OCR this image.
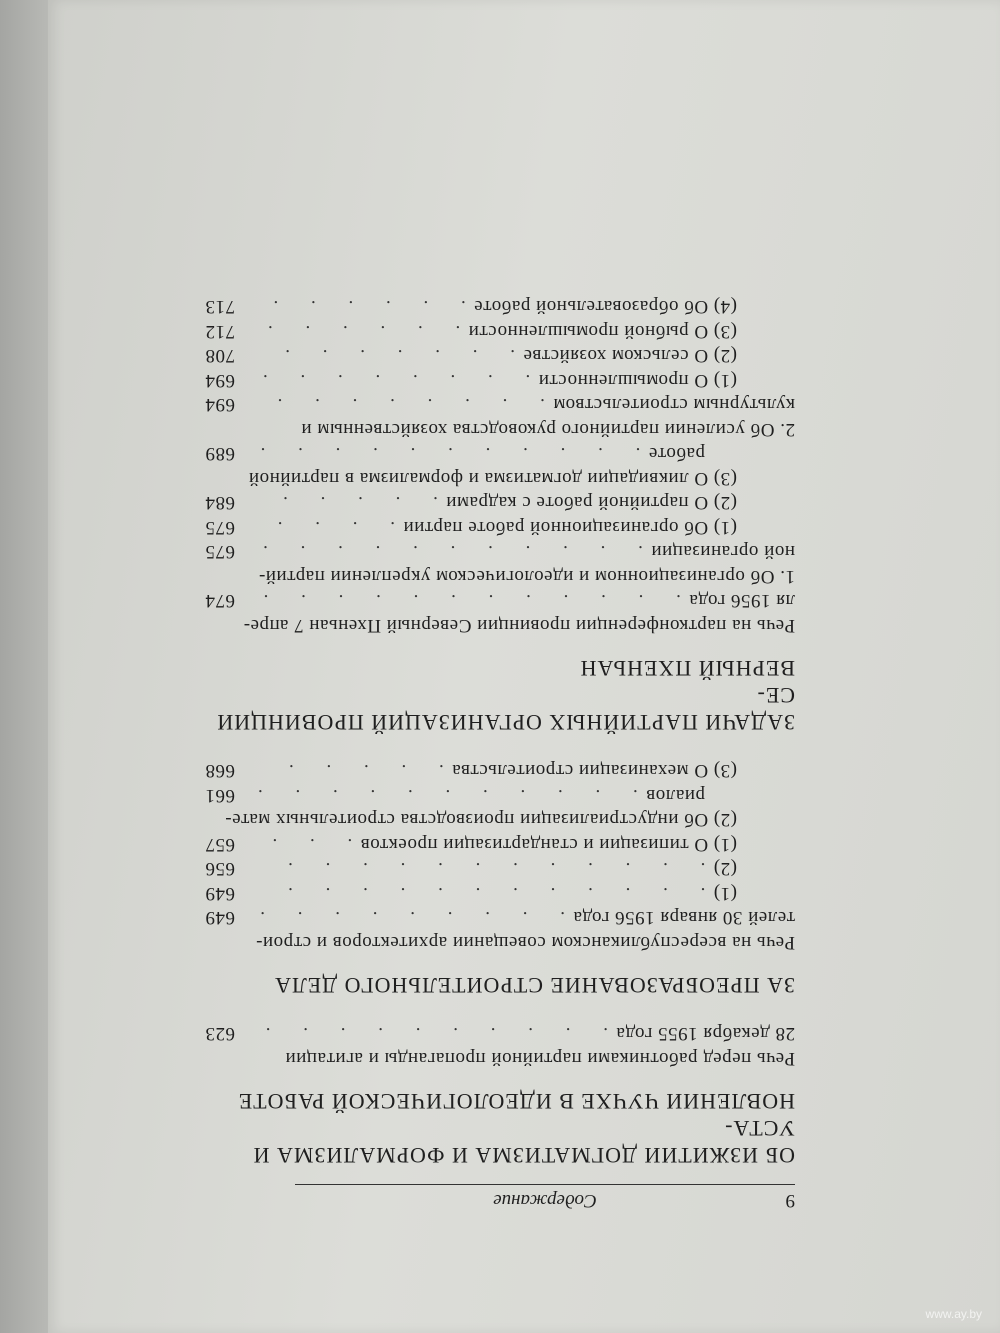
9
Содержание
ОБ ИЗЖИТИИ ДОГМАТИЗМА И ФОРМАЛИЗМА И УСТА-
НОВЛЕНИИ ЧУЧХЕ В ИДЕОЛОГИЧЕСКОЙ РАБОТЕ
Речь перед работниками партийной пропаганды и агитации
28 декабря 1955 года
. . .
623
ЗА ПРЕОБРАЗОВАНИЕ СТРОИТЕЛЬНОГО ДЕЛА
Речь на всереспубликанском совещании архитекторов и строи-
телей 30 января 1956 года
. . .
649
(1)
. . .
649
(2)
. . .
656
(1) О типизации и стандартизации проектов
. . .
657
(2) Об индустриализации производства строительных мате-
риалов
. . .
661
(3) О механизации строительства
. . .
668
ЗАДАЧИ ПАРТИЙНЫХ ОРГАНИЗАЦИЙ ПРОВИНЦИИ СЕ-
ВЕРНЫЙ ПХЕНЬАН
Речь на партконференции провинции Северный Пхеньан 7 апре-
ля 1956 года
. . .
674
1. Об организационном и идеологическом укреплении партий-
ной организации
. . .
675
(1) Об организационной работе партии
. . .
675
(2) О партийной работе с кадрами
. . .
684
(3) О ликвидации догматизма и формализма в партийной
работе
. . .
689
2. Об усилении партийного руководства хозяйственным и
культурным строительством
. . .
694
(1) О промышленности
. . .
694
(2) О сельском хозяйстве
. . .
708
(3) О рыбной промышленности
. . .
712
(4) Об образовательной работе
. . .
713
www.ay.by
